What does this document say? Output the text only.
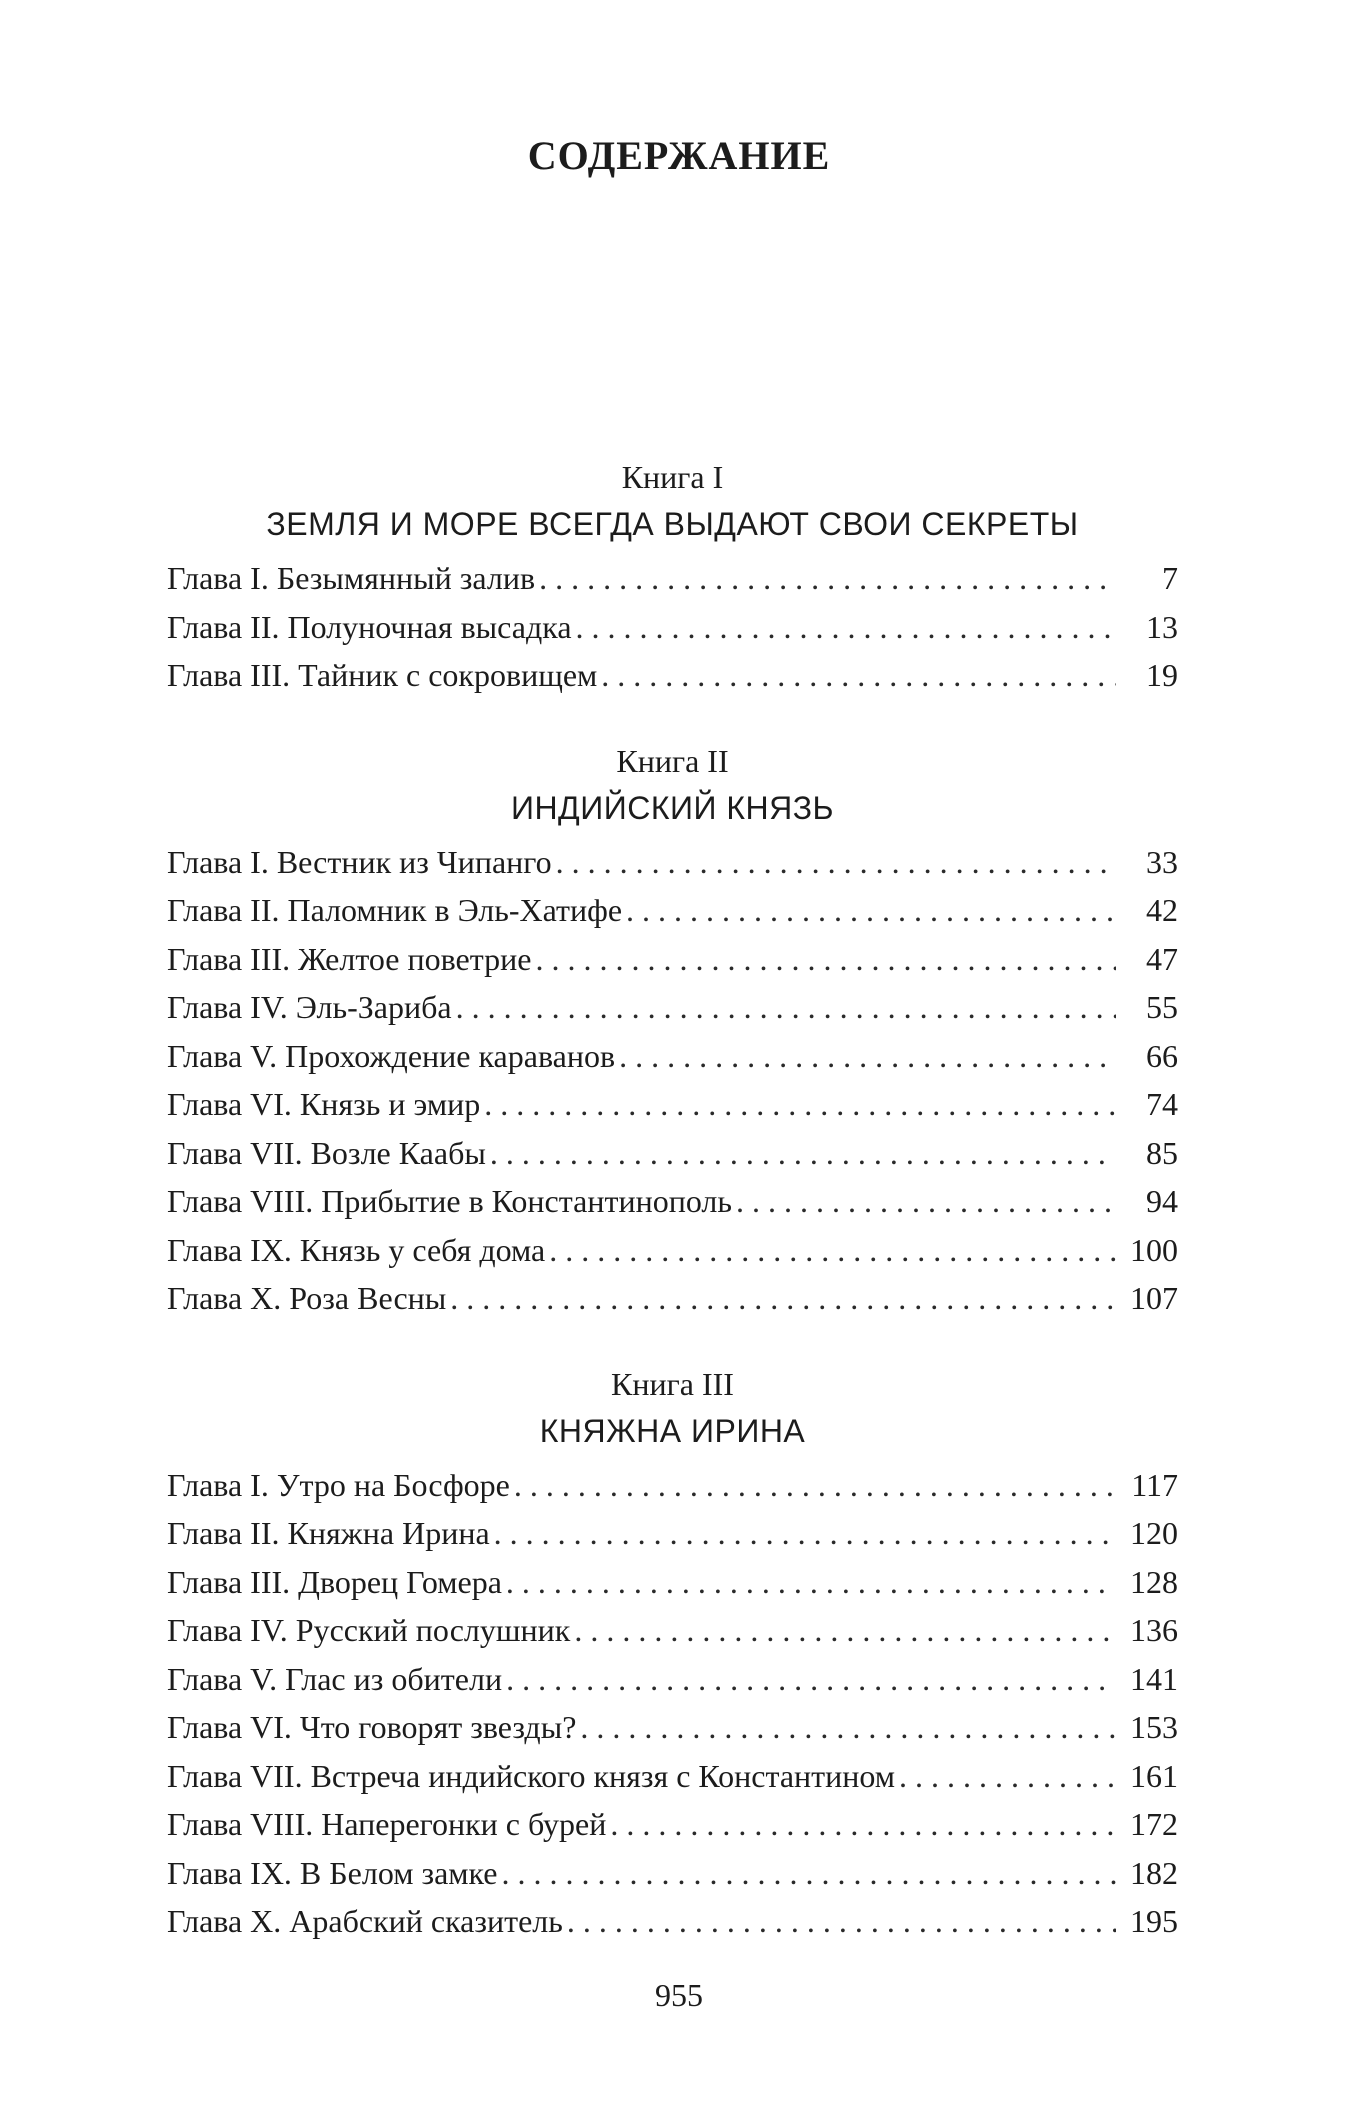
СОДЕРЖАНИЕ
Книга I
ЗЕМЛЯ И МОРЕ ВСЕГДА ВЫДАЮТ СВОИ СЕКРЕТЫ
Глава I. Безымянный залив . . .	7
Глава II. Полуночная высадка . . .	13
Глава III. Тайник с сокровищем . . .	19
Книга II
ИНДИЙСКИЙ КНЯЗЬ
Глава I. Вестник из Чипанго . . .	33
Глава II. Паломник в Эль-Хатифе . . .	42
Глава III. Желтое поветрие . . .	47
Глава IV. Эль-Зариба . . .	55
Глава V. Прохождение караванов . . .	66
Глава VI. Князь и эмир . . .	74
Глава VII. Возле Каабы . . .	85
Глава VIII. Прибытие в Константинополь . . .	94
Глава IX. Князь у себя дома . . .	100
Глава X. Роза Весны . . .	107
Книга III
КНЯЖНА ИРИНА
Глава I. Утро на Босфоре . . .	117
Глава II. Княжна Ирина . . .	120
Глава III. Дворец Гомера . . .	128
Глава IV. Русский послушник . . .	136
Глава V. Глас из обители . . .	141
Глава VI. Что говорят звезды? . . .	153
Глава VII. Встреча индийского князя с Константином . . .	161
Глава VIII. Наперегонки с бурей . . .	172
Глава IX. В Белом замке . . .	182
Глава X. Арабский сказитель . . .	195
955
